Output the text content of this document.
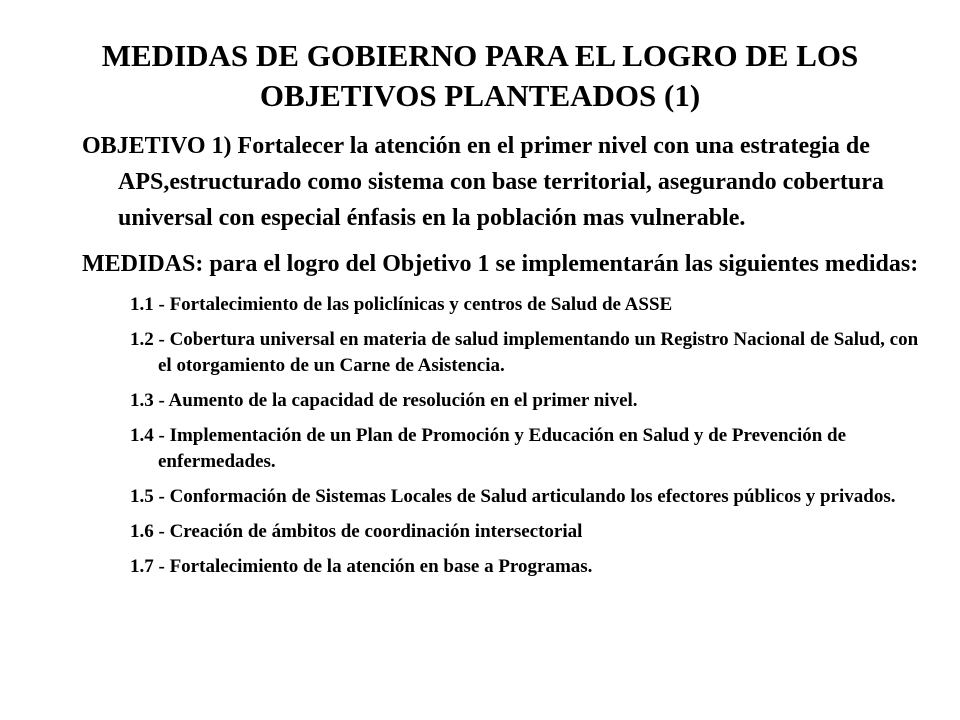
MEDIDAS DE GOBIERNO PARA EL LOGRO DE LOS OBJETIVOS PLANTEADOS (1)

OBJETIVO 1) Fortalecer la atención en el primer nivel con una estrategia de APS,estructurado como sistema con base territorial, asegurando cobertura universal con especial énfasis en la población mas vulnerable.

MEDIDAS: para el logro del Objetivo 1 se implementarán las siguientes medidas:

1.1 - Fortalecimiento de las policlínicas y centros de Salud de ASSE

1.2 - Cobertura universal en materia de salud implementando un Registro Nacional de Salud, con el otorgamiento de un Carne de Asistencia.

1.3 - Aumento de la capacidad de resolución en el primer nivel.

1.4 - Implementación de un Plan de Promoción y Educación en Salud y de Prevención de enfermedades.

1.5 - Conformación de Sistemas Locales de Salud articulando los efectores públicos y privados.

1.6 - Creación de ámbitos de coordinación intersectorial

1.7 - Fortalecimiento de la atención en base a Programas.
